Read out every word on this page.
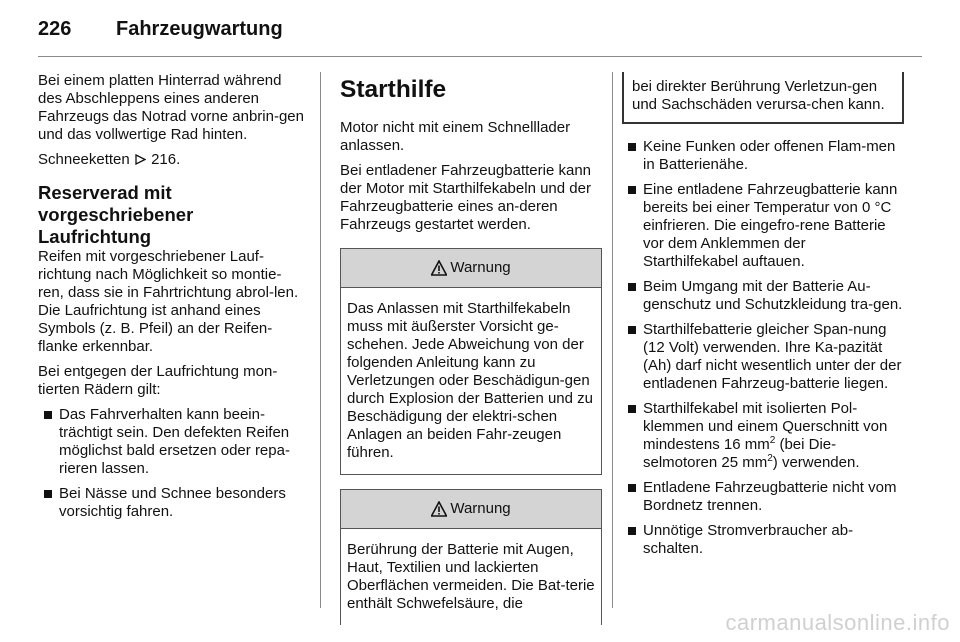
226	Fahrzeugwartung

Bei einem platten Hinterrad während des Abschleppens eines anderen Fahrzeugs das Notrad vorne anbrin-gen und das vollwertige Rad hinten.

Schneeketten 216.

Reserverad mit vorgeschriebener Laufrichtung

Reifen mit vorgeschriebener Lauf-richtung nach Möglichkeit so montie-ren, dass sie in Fahrtrichtung abrol-len. Die Laufrichtung ist anhand eines Symbols (z. B. Pfeil) an der Reifen-flanke erkennbar.

Bei entgegen der Laufrichtung mon-tierten Rädern gilt:

Das Fahrverhalten kann beein-trächtigt sein. Den defekten Reifen möglichst bald ersetzen oder repa-rieren lassen.
Bei Nässe und Schnee besonders vorsichtig fahren.
Starthilfe

Motor nicht mit einem Schnelllader anlassen.

Bei entladener Fahrzeugbatterie kann der Motor mit Starthilfekabeln und der Fahrzeugbatterie eines an-deren Fahrzeugs gestartet werden.

Warnung
Das Anlassen mit Starthilfekabeln muss mit äußerster Vorsicht ge-schehen. Jede Abweichung von der folgenden Anleitung kann zu Verletzungen oder Beschädigun-gen durch Explosion der Batterien und zu Beschädigung der elektri-schen Anlagen an beiden Fahr-zeugen führen.
Warnung
Berührung der Batterie mit Augen, Haut, Textilien und lackierten Oberflächen vermeiden. Die Bat-terie enthält Schwefelsäure, die
bei direkter Berührung Verletzun-gen und Sachschäden verursa-chen kann.
Keine Funken oder offenen Flam-men in Batterienähe.
Eine entladene Fahrzeugbatterie kann bereits bei einer Temperatur von 0 °C einfrieren. Die eingefro-rene Batterie vor dem Anklemmen der Starthilfekabel auftauen.
Beim Umgang mit der Batterie Au-genschutz und Schutzkleidung tra-gen.
Starthilfebatterie gleicher Span-nung (12 Volt) verwenden. Ihre Ka-pazität (Ah) darf nicht wesentlich unter der der entladenen Fahrzeug-batterie liegen.
Starthilfekabel mit isolierten Pol-klemmen und einem Querschnitt von mindestens 16 $mm^2$ (bei Die-selmotoren 25 $mm^2$) verwenden.
Entladene Fahrzeugbatterie nicht vom Bordnetz trennen.
Unnötige Stromverbraucher ab-schalten.
carmanualsonline.info
